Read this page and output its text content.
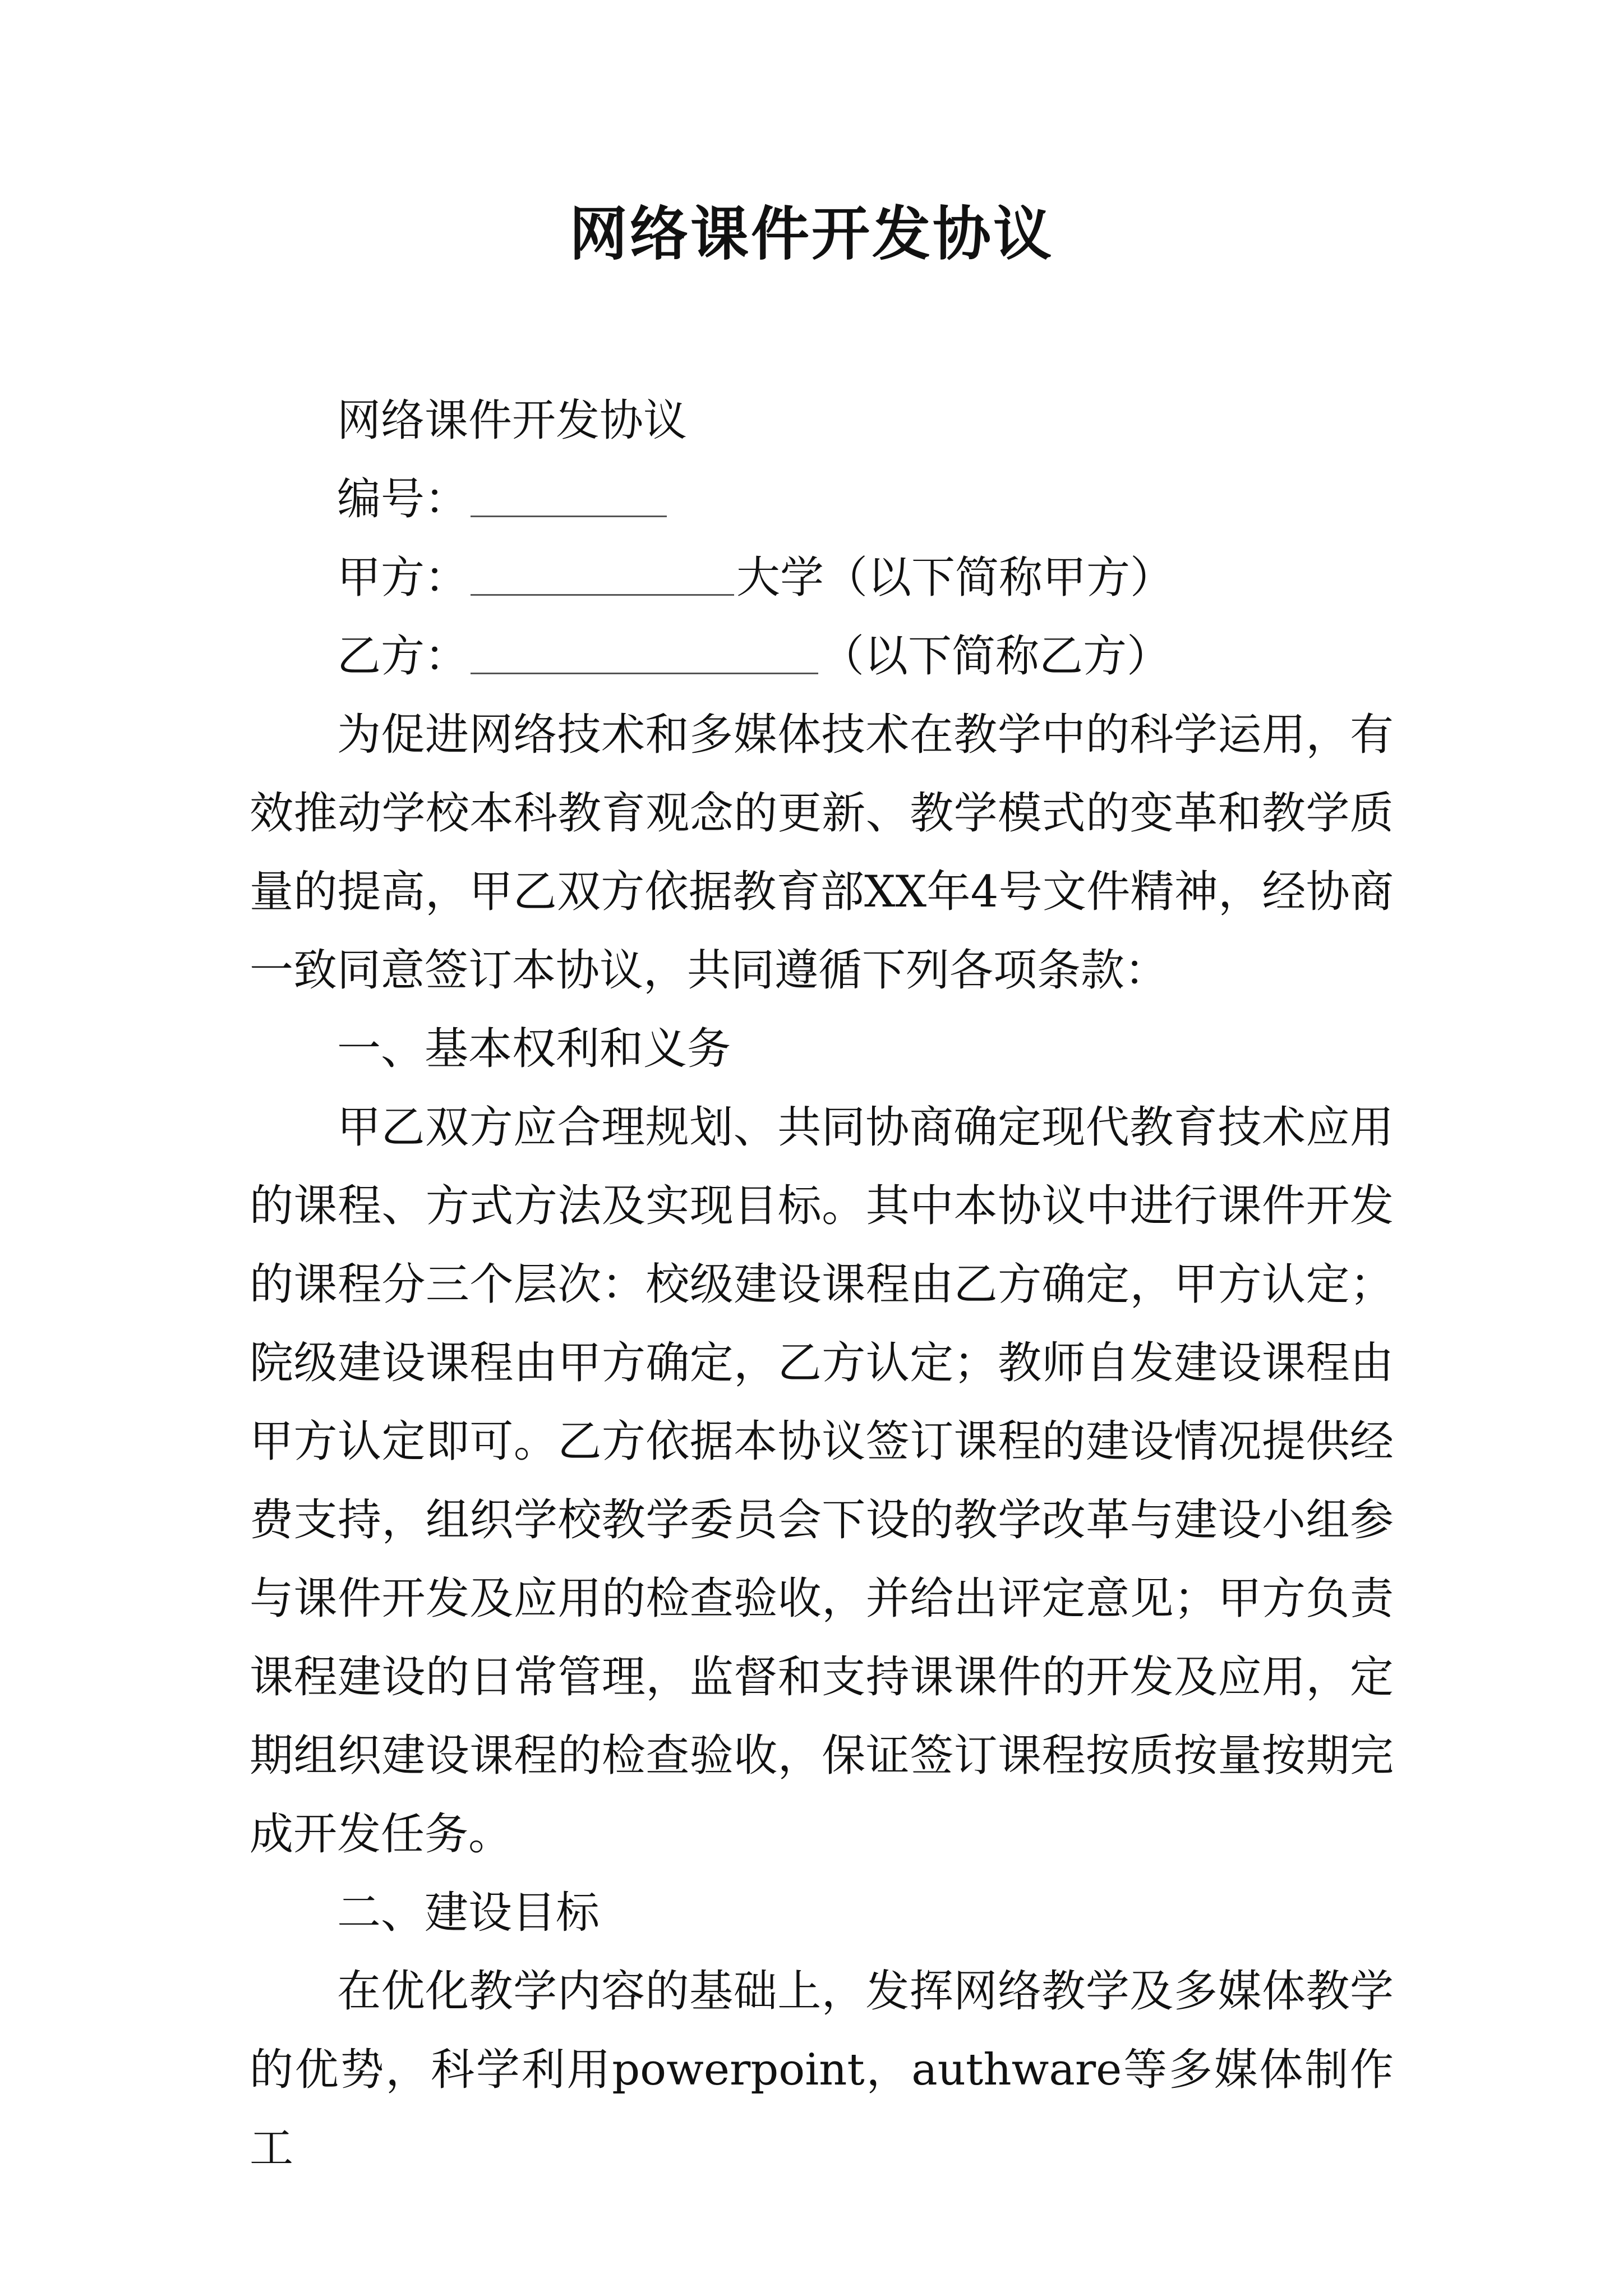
网络课件开发协议

网络课件开发协议

编号：

甲方：	大学（以下简称甲方）

乙方：	（以下简称乙方）

为促进网络技术和多媒体技术在教学中的科学运用，有效推动学校本科教育观念的更新、教学模式的变革和教学质量的提高，甲乙双方依据教育部XX年4号文件精神，经协商一致同意签订本协议，共同遵循下列各项条款：

一、基本权利和义务

甲乙双方应合理规划、共同协商确定现代教育技术应用的课程、方式方法及实现目标。其中本协议中进行课件开发的课程分三个层次：校级建设课程由乙方确定，甲方认定；院级建设课程由甲方确定，乙方认定；教师自发建设课程由甲方认定即可。乙方依据本协议签订课程的建设情况提供经费支持，组织学校教学委员会下设的教学改革与建设小组参与课件开发及应用的检查验收，并给出评定意见；甲方负责课程建设的日常管理，监督和支持课课件的开发及应用，定期组织建设课程的检查验收，保证签订课程按质按量按期完成开发任务。

二、建设目标

在优化教学内容的基础上，发挥网络教学及多媒体教学的优势，科学利用powerpoint，authware等多媒体制作工
